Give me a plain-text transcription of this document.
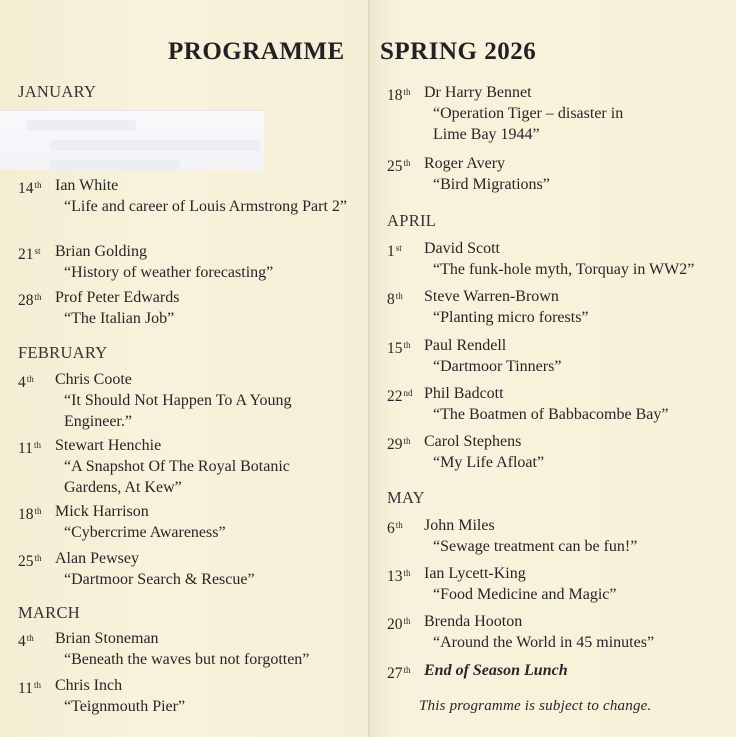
PROGRAMME SPRING 2026
JANUARY
14th Ian White
“Life and career of Louis Armstrong Part 2”
21st Brian Golding
“History of weather forecasting”
28th Prof Peter Edwards
“The Italian Job”
FEBRUARY
4th	Chris Coote
“It Should Not Happen To A Young Engineer.”
11th Stewart Henchie
“A Snapshot Of The Royal Botanic Gardens, At Kew”
18th Mick Harrison
“Cybercrime Awareness”
25th Alan Pewsey
“Dartmoor Search & Rescue”
MARCH
4th	Brian Stoneman
“Beneath the waves but not forgotten”
11th Chris Inch
“Teignmouth Pier”
18th Dr Harry Bennet
“Operation Tiger – disaster in Lime Bay 1944”
25th Roger Avery
“Bird Migrations”
APRIL
1st	David Scott
“The funk-hole myth, Torquay in WW2”
8th	Steve Warren-Brown
“Planting micro forests”
15th Paul Rendell
“Dartmoor Tinners”
22nd Phil Badcott
“The Boatmen of Babbacombe Bay”
29th Carol Stephens
“My Life Afloat”
MAY
6th	John Miles
“Sewage treatment can be fun!”
13th Ian Lycett-King
“Food Medicine and Magic”
20th Brenda Hooton
“Around the World in 45 minutes”
27th End of Season Lunch
This programme is subject to change.
